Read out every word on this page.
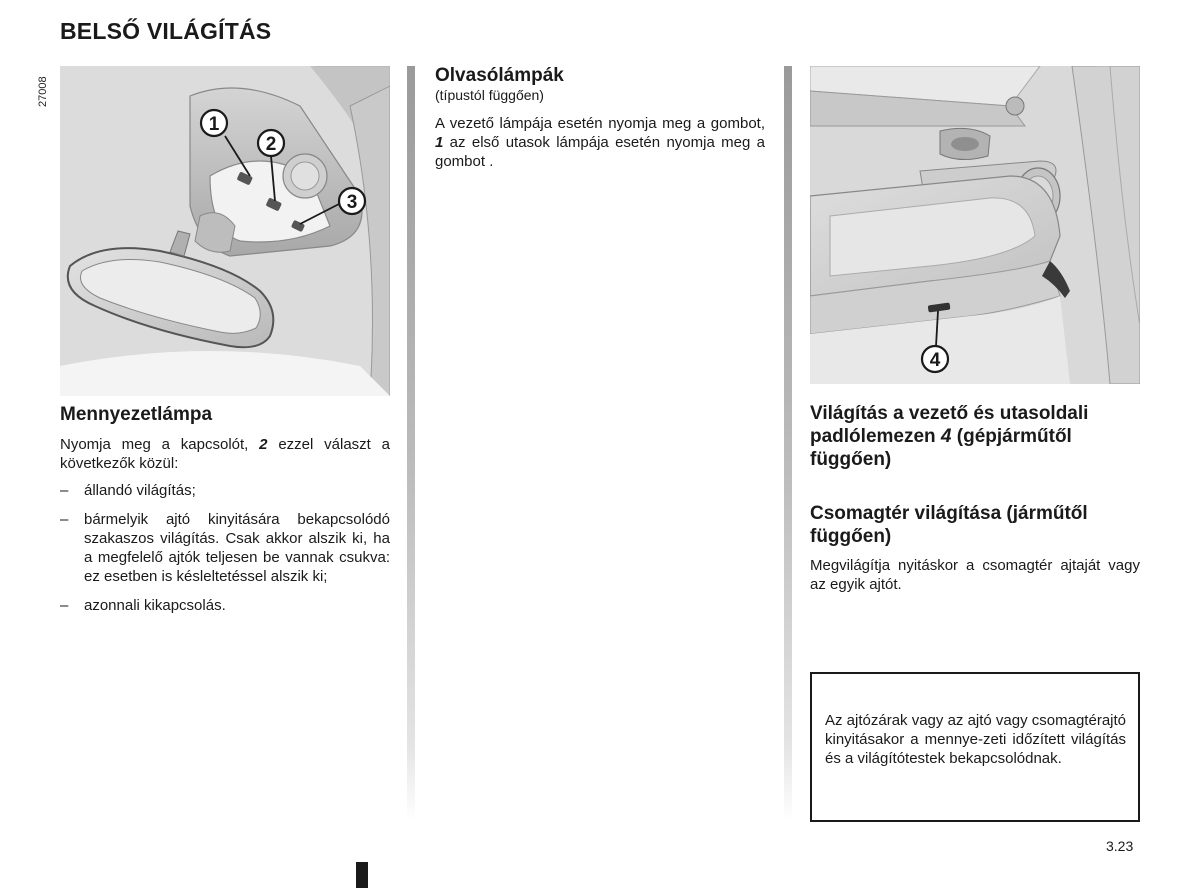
BELSŐ VILÁGÍTÁS
27008
1
2
3
Mennyezetlámpa
Nyomja meg a kapcsolót, 2 ezzel választ a következők közül:
– állandó világítás;
– bármelyik ajtó kinyitására bekapcsolódó szakaszos világítás. Csak akkor alszik ki, ha a megfelelő ajtók teljesen be vannak csukva: ez esetben is késleltetéssel alszik ki;
– azonnali kikapcsolás.
Olvasólámpák
(típustól függően)
A vezető lámpája esetén nyomja meg a gombot, 1 az első utasok lámpája esetén nyomja meg a gombot .
4
Világítás a vezető és utasoldali padlólemezen 4 (gépjárműtől függően)
Csomagtér világítása (járműtől függően)
Megvilágítja nyitáskor a csomagtér ajtaját vagy az egyik ajtót.
Az ajtózárak vagy az ajtó vagy csomagtérajtó kinyitásakor a mennye-zeti időzített világítás és a világítótestek bekapcsolódnak.
3.23
